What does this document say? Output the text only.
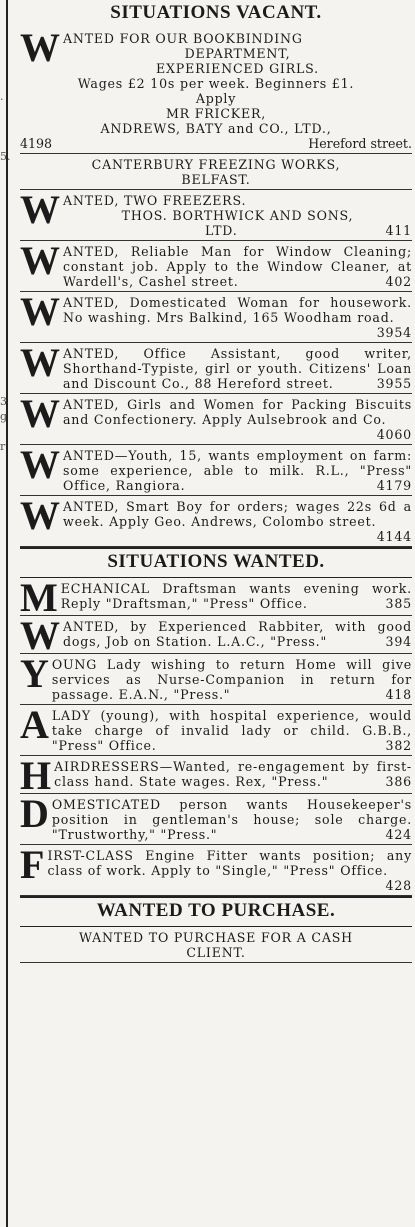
.
5.
3
g
r
SITUATIONS VACANT.
W ANTED FOR OUR BOOKBINDING
DEPARTMENT,
EXPERIENCED GIRLS.
Wages £2 10s per week. Beginners £1.
Apply
MR FRICKER,
ANDREWS, BATY and CO., LTD.,
4198	Hereford street.
CANTERBURY FREEZING WORKS,
BELFAST.
W ANTED, TWO FREEZERS.
THOS. BORTHWICK AND SONS,
LTD.	411
W ANTED, Reliable Man for Window Cleaning; constant job. Apply to the Window Cleaner, at Wardell's, Cashel street.	402
W ANTED, Domesticated Woman for housework. No washing. Mrs Balkind, 165 Woodham road.
3954
W ANTED, Office Assistant, good writer, Shorthand-Typiste, girl or youth. Citizens' Loan and Discount Co., 88 Hereford street.	3955
W ANTED, Girls and Women for Packing Biscuits and Confectionery. Apply Aulsebrook and Co.
4060
W ANTED—Youth, 15, wants employment on farm: some experience, able to milk. R.L., "Press" Office, Rangiora.	4179
W ANTED, Smart Boy for orders; wages 22s 6d a week. Apply Geo. Andrews, Colombo street.
4144
SITUATIONS WANTED.
M ECHANICAL Draftsman wants evening work. Reply "Draftsman," "Press" Office.	385
W ANTED, by Experienced Rabbiter, with good dogs, Job on Station. L.A.C., "Press."	394
Y OUNG Lady wishing to return Home will give services as Nurse-Companion in return for passage. E.A.N., "Press."	418
A LADY (young), with hospital experience, would take charge of invalid lady or child. G.B.B., "Press" Office.	382
H AIRDRESSERS—Wanted, re-engagement by first-class hand. State wages. Rex, "Press."	386
D OMESTICATED person wants Housekeeper's position in gentleman's house; sole charge. "Trustworthy," "Press."	424
F IRST-CLASS Engine Fitter wants position; any class of work. Apply to "Single," "Press" Office.
428
WANTED TO PURCHASE.
WANTED TO PURCHASE FOR A CASH
CLIENT.
